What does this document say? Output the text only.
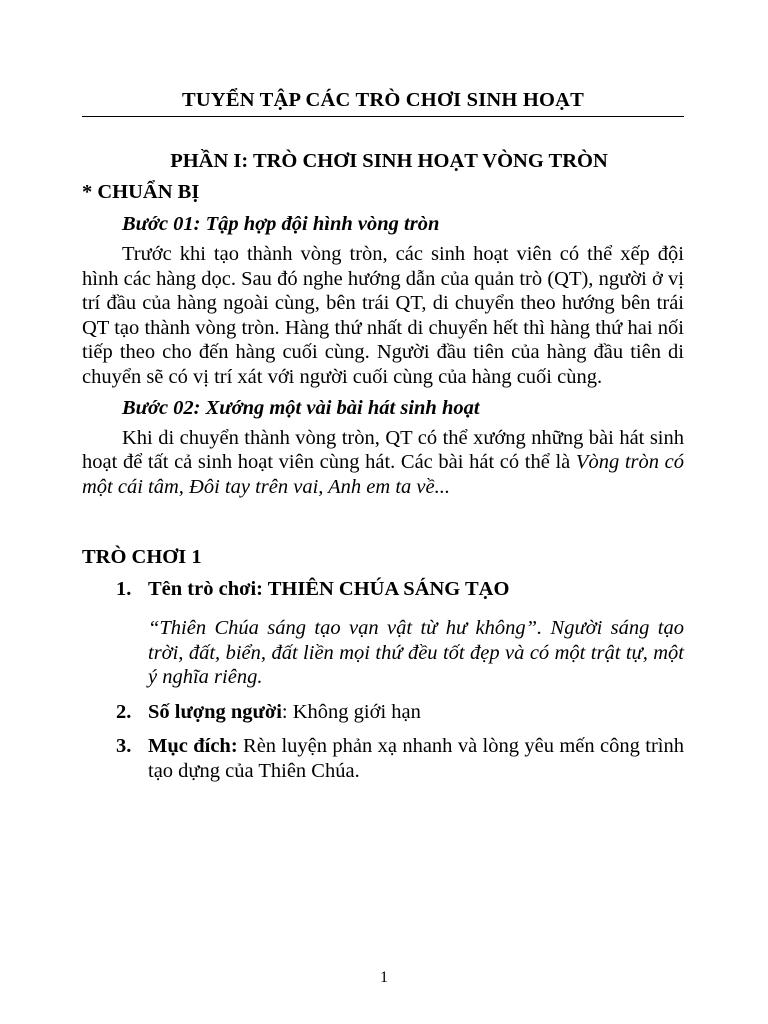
TUYỂN TẬP CÁC TRÒ CHƠI SINH HOẠT
PHẦN I: TRÒ CHƠI SINH HOẠT VÒNG TRÒN
* CHUẨN BỊ
Bước 01: Tập hợp đội hình vòng tròn

Trước khi tạo thành vòng tròn, các sinh hoạt viên có thể xếp đội hình các hàng dọc. Sau đó nghe hướng dẫn của quản trò (QT), người ở vị trí đầu của hàng ngoài cùng, bên trái QT, di chuyển theo hướng bên trái QT tạo thành vòng tròn. Hàng thứ nhất di chuyển hết thì hàng thứ hai nối tiếp theo cho đến hàng cuối cùng. Người đầu tiên của hàng đầu tiên di chuyển sẽ có vị trí xát với người cuối cùng của hàng cuối cùng.

Bước 02: Xướng một vài bài hát sinh hoạt

Khi di chuyển thành vòng tròn, QT có thể xướng những bài hát sinh hoạt để tất cả sinh hoạt viên cùng hát. Các bài hát có thể là Vòng tròn có một cái tâm, Đôi tay trên vai, Anh em ta về...

TRÒ CHƠI 1
1. Tên trò chơi: THIÊN CHÚA SÁNG TẠO
“Thiên Chúa sáng tạo vạn vật từ hư không”. Người sáng tạo trời, đất, biển, đất liền mọi thứ đều tốt đẹp và có một trật tự, một ý nghĩa riêng.
2. Số lượng người: Không giới hạn
3. Mục đích: Rèn luyện phản xạ nhanh và lòng yêu mến công trình tạo dựng của Thiên Chúa.
1
